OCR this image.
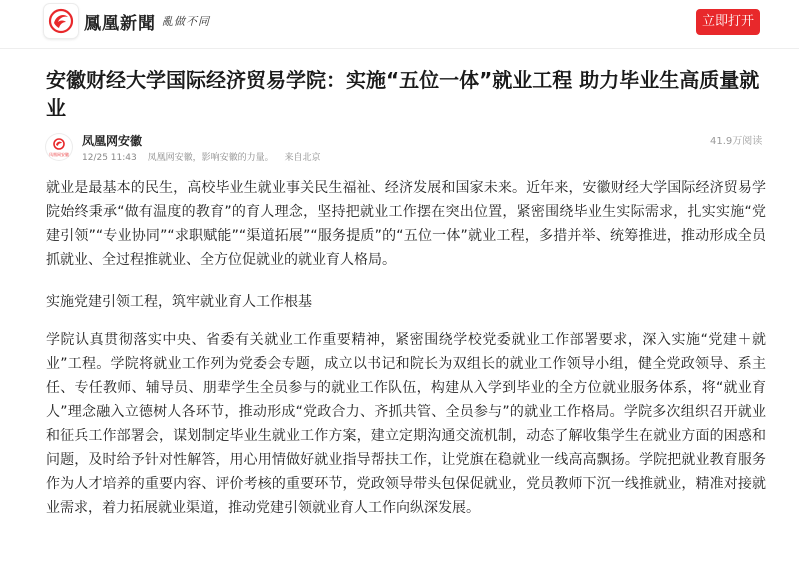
鳳凰新聞 亂做不同	立即打开
安徽财经大学国际经济贸易学院：实施“五位一体”就业工程 助力毕业生高质量就业
凤凰网安徽
凤凰网安徽
12/25 11:43 凤凰网安徽，影响安徽的力量。 来自北京
41.9万阅读

就业是最基本的民生，高校毕业生就业事关民生福祉、经济发展和国家未来。近年来，安徽财经大学国际经济贸易学院始终秉承“做有温度的教育”的育人理念，坚持把就业工作摆在突出位置，紧密围绕毕业生实际需求，扎实实施“党建引领”“专业协同”“求职赋能”“渠道拓展”“服务提质”的“五位一体”就业工程，多措并举、统筹推进，推动形成全员抓就业、全过程推就业、全方位促就业的就业育人格局。

实施党建引领工程，筑牢就业育人工作根基

学院认真贯彻落实中央、省委有关就业工作重要精神，紧密围绕学校党委就业工作部署要求，深入实施“党建＋就业”工程。学院将就业工作列为党委会专题，成立以书记和院长为双组长的就业工作领导小组，健全党政领导、系主任、专任教师、辅导员、朋辈学生全员参与的就业工作队伍，构建从入学到毕业的全方位就业服务体系，将“就业育人”理念融入立德树人各环节，推动形成“党政合力、齐抓共管、全员参与”的就业工作格局。学院多次组织召开就业和征兵工作部署会，谋划制定毕业生就业工作方案，建立定期沟通交流机制，动态了解收集学生在就业方面的困惑和问题，及时给予针对性解答，用心用情做好就业指导帮扶工作，让党旗在稳就业一线高高飘扬。学院把就业教育服务作为人才培养的重要内容、评价考核的重要环节，党政领导带头包保促就业，党员教师下沉一线推就业，精准对接就业需求，着力拓展就业渠道，推动党建引领就业育人工作向纵深发展。
